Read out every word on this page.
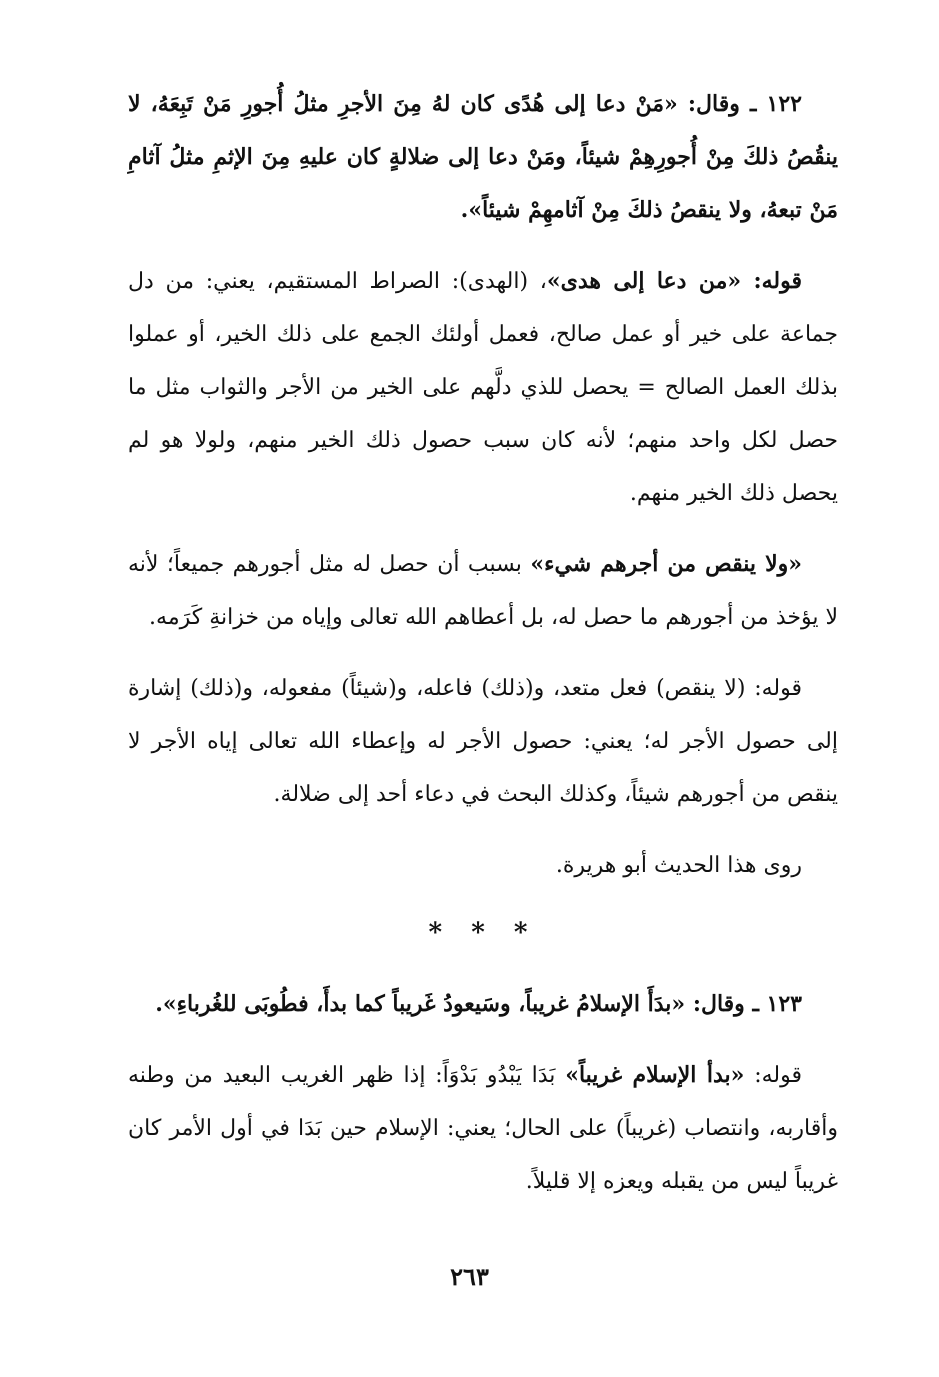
١٢٢ ـ وقال: «مَنْ دعا إلى هُدًى كان لهُ مِنَ الأجرِ مثلُ أُجورِ مَنْ تَبِعَهُ، لا ينقُصُ ذلكَ مِنْ أُجورِهِمْ شيئاً، ومَنْ دعا إلى ضلالةٍ كان عليهِ مِنَ الإثمِ مثلُ آثامِ مَنْ تبعهُ، ولا ينقصُ ذلكَ مِنْ آثامهِمْ شيئاً».

قوله: «من دعا إلى هدى»، (الهدى): الصراط المستقيم، يعني: من دل جماعة على خير أو عمل صالح، فعمل أولئك الجمع على ذلك الخير، أو عملوا بذلك العمل الصالح = يحصل للذي دلَّهم على الخير من الأجر والثواب مثل ما حصل لكل واحد منهم؛ لأنه كان سبب حصول ذلك الخير منهم، ولولا هو لم يحصل ذلك الخير منهم.

«ولا ينقص من أجرهم شيء» بسبب أن حصل له مثل أجورهم جميعاً؛ لأنه لا يؤخذ من أجورهم ما حصل له، بل أعطاهم الله تعالى وإياه من خزانةِ كَرَمه.

قوله: (لا ينقص) فعل متعد، و(ذلك) فاعله، و(شيئاً) مفعوله، و(ذلك) إشارة إلى حصول الأجر له؛ يعني: حصول الأجر له وإعطاء الله تعالى إياه الأجر لا ينقص من أجورهم شيئاً، وكذلك البحث في دعاء أحد إلى ضلالة.

روى هذا الحديث أبو هريرة.

* * *

١٢٣ ـ وقال: «بدَأَ الإسلامُ غريباً، وسَيعودُ غَريباً كما بدأَ، فطُوبَى للغُرباءِ».

قوله: «بدأ الإسلام غريباً» بَدَا يَبْدُو بَدْوَاً: إذا ظهر الغريب البعيد من وطنه وأقاربه، وانتصاب (غريباً) على الحال؛ يعني: الإسلام حين بَدَا في أول الأمر كان غريباً ليس من يقبله ويعزه إلا قليلاً.

٢٦٣
